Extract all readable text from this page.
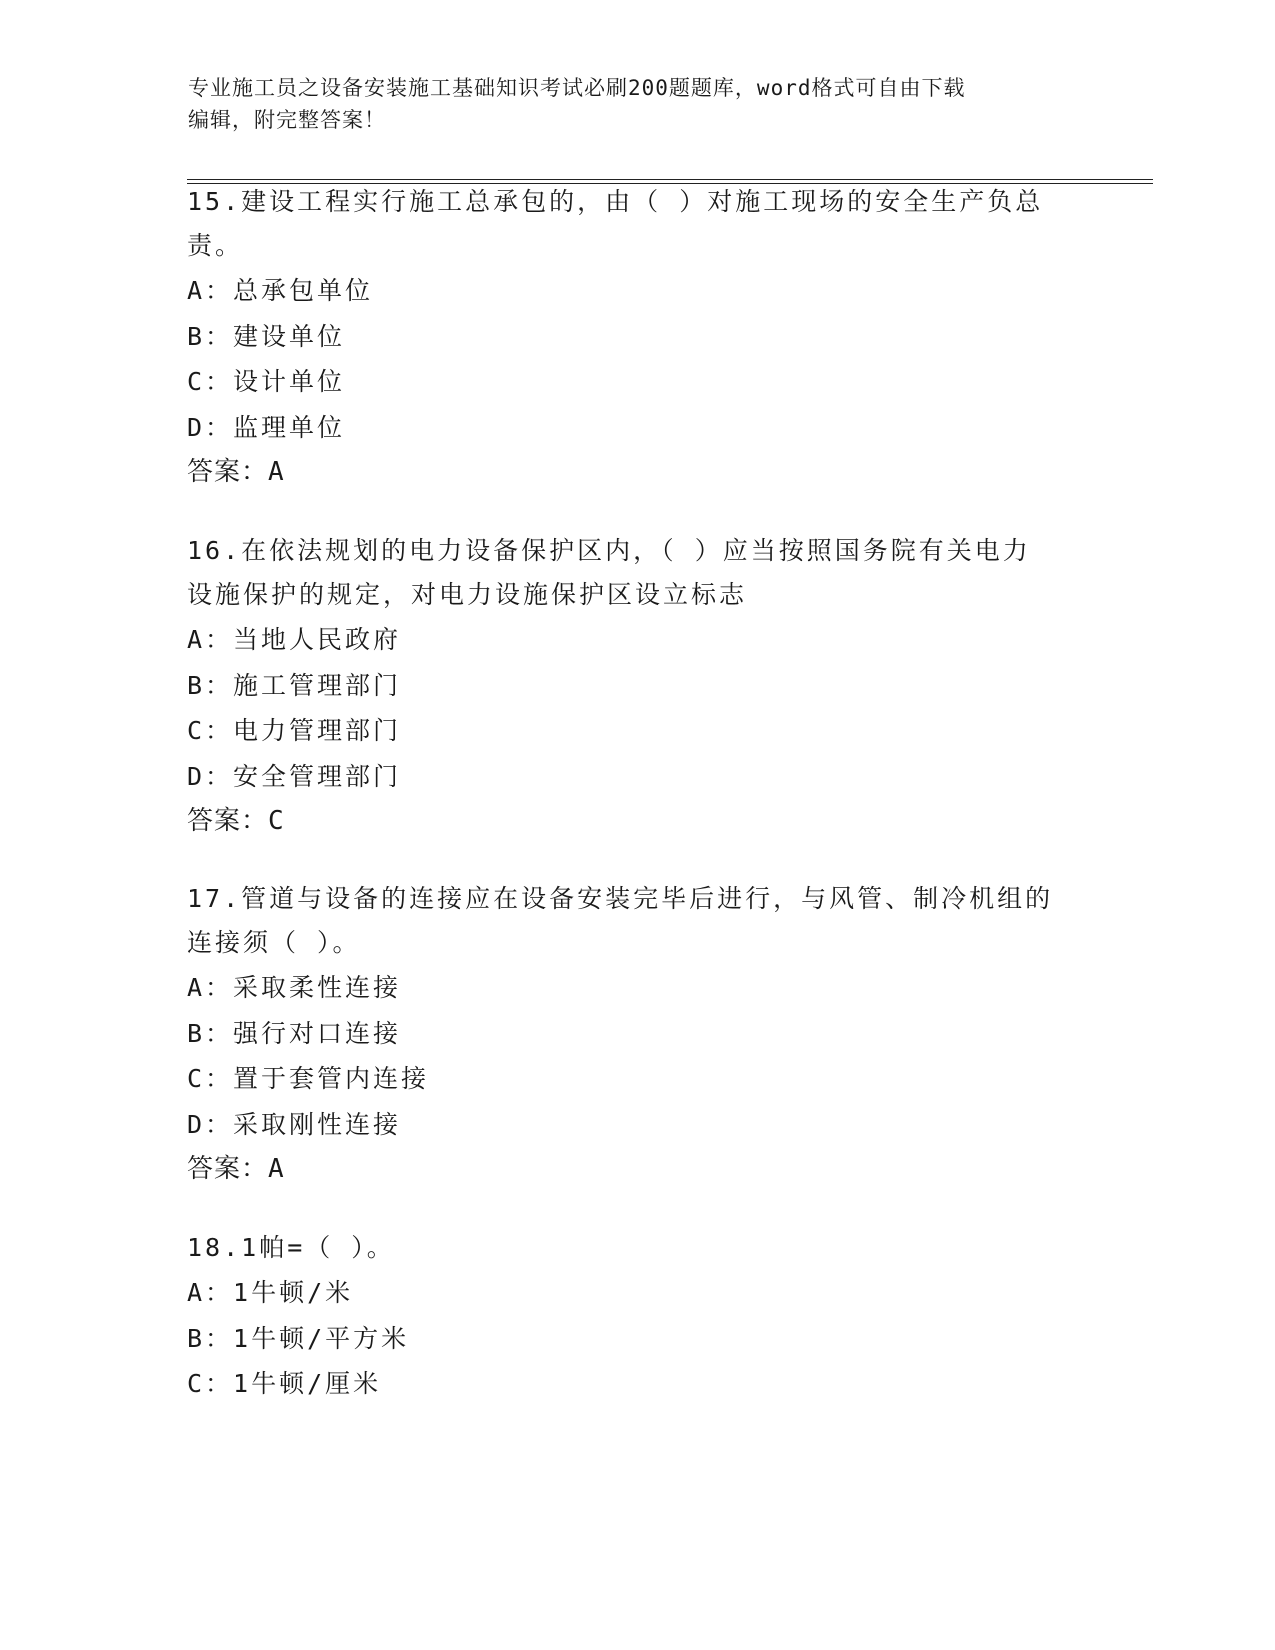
专业施工员之设备安装施工基础知识考试必刷200题题库，word格式可自由下载
编辑，附完整答案！

15.建设工程实行施工总承包的，由（ ）对施工现场的安全生产负总

责。

A：总承包单位

B：建设单位

C：设计单位

D：监理单位

答案：A

16.在依法规划的电力设备保护区内，（ ）应当按照国务院有关电力

设施保护的规定，对电力设施保护区设立标志

A：当地人民政府

B：施工管理部门

C：电力管理部门

D：安全管理部门

答案：C

17.管道与设备的连接应在设备安装完毕后进行，与风管、制冷机组的

连接须（ ）。

A：采取柔性连接

B：强行对口连接

C：置于套管内连接

D：采取刚性连接

答案：A

18.1帕=（ ）。

A：1牛顿/米

B：1牛顿/平方米

C：1牛顿/厘米
